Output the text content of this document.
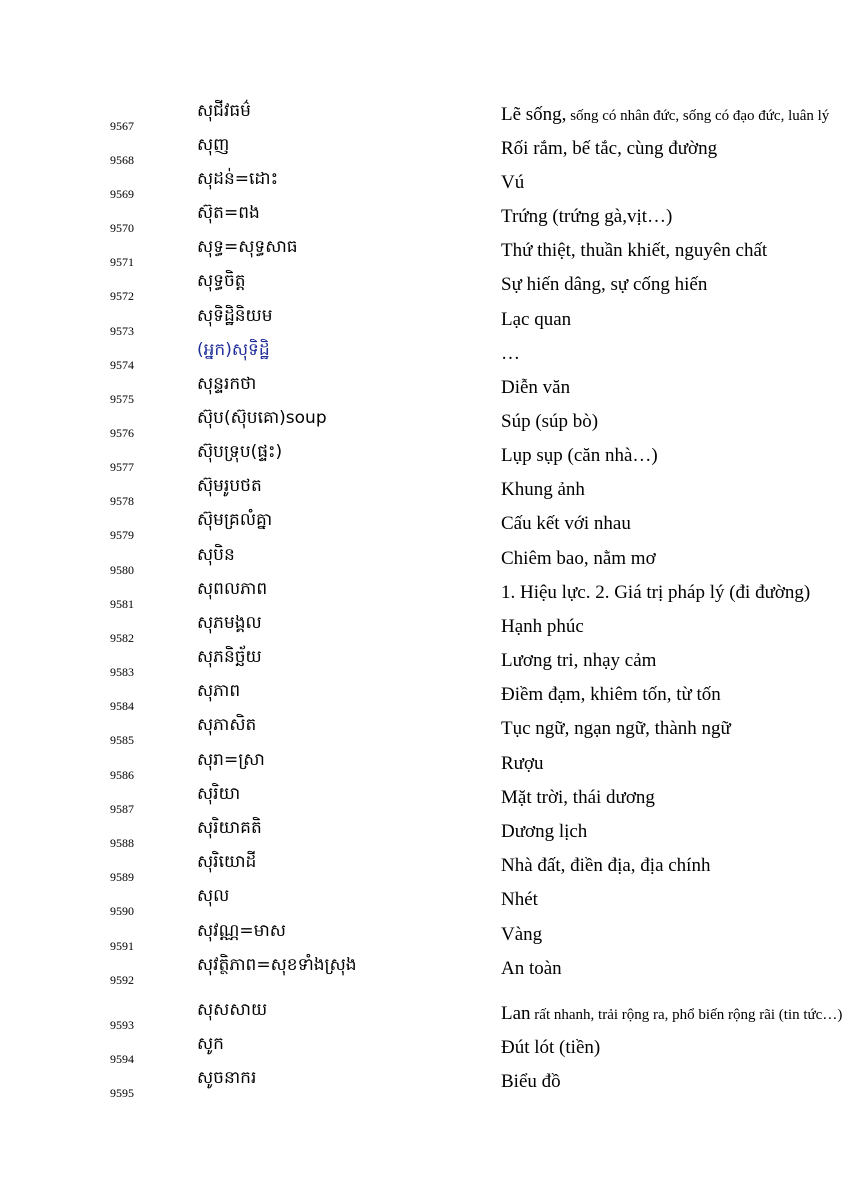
9567
សុជីវធម៌	Lẽ sống, sống có nhân đức, sống có đạo đức, luân lý
9568
សុញ	Rối rắm, bế tắc, cùng đường
9569
សុដន់=ដោះ	Vú
9570
ស៊ុត=ពង	Trứng (trứng gà,vịt…)
9571
សុទ្ធ=សុទ្ធសាធ	Thứ thiệt, thuần khiết, nguyên chất
9572
សុទ្ធចិត្ត	Sự hiến dâng, sự cống hiến
9573
សុទិដ្ឋិនិយម	Lạc quan
9574
(អ្នក)សុទិដ្ឋិ	…
9575
សុន្ទរកថា	Diễn văn
9576
ស៊ុប(ស៊ុបគោ)soup	Súp (súp bò)
9577
ស៊ុបទ្រុប(ផ្ទះ)	Lụp sụp (căn nhà…)
9578
ស៊ុមរូបថត	Khung ảnh
9579
ស៊ុមគ្រលំគ្នា	Cấu kết với nhau
9580
សុបិន	Chiêm bao, nằm mơ
9581
សុពលភាព	1. Hiệu lực. 2. Giá trị pháp lý (đi đường)
9582
សុភមង្គល	Hạnh phúc
9583
សុភនិច្ឆ័យ	Lương tri, nhạy cảm
9584
សុភាព	Điềm đạm, khiêm tốn, từ tốn
9585
សុភាសិត	Tục ngữ, ngạn ngữ, thành ngữ
9586
សុរា=ស្រា	Rượu
9587
សុរិយា	Mặt trời, thái dương
9588
សុរិយាគតិ	Dương lịch
9589
សុរិយោដី	Nhà đất, điền địa, địa chính
9590
សុល	Nhét
9591
សុវណ្ណ=មាស	Vàng
9592
សុវត្ថិភាព=សុខទាំងស្រុង	An toàn
9593
សុសសាយ	Lan rất nhanh, trải rộng ra, phổ biến rộng rãi (tin tức…)
9594
សូក	Đút lót (tiền)
9595
សូចនាករ	Biểu đồ
